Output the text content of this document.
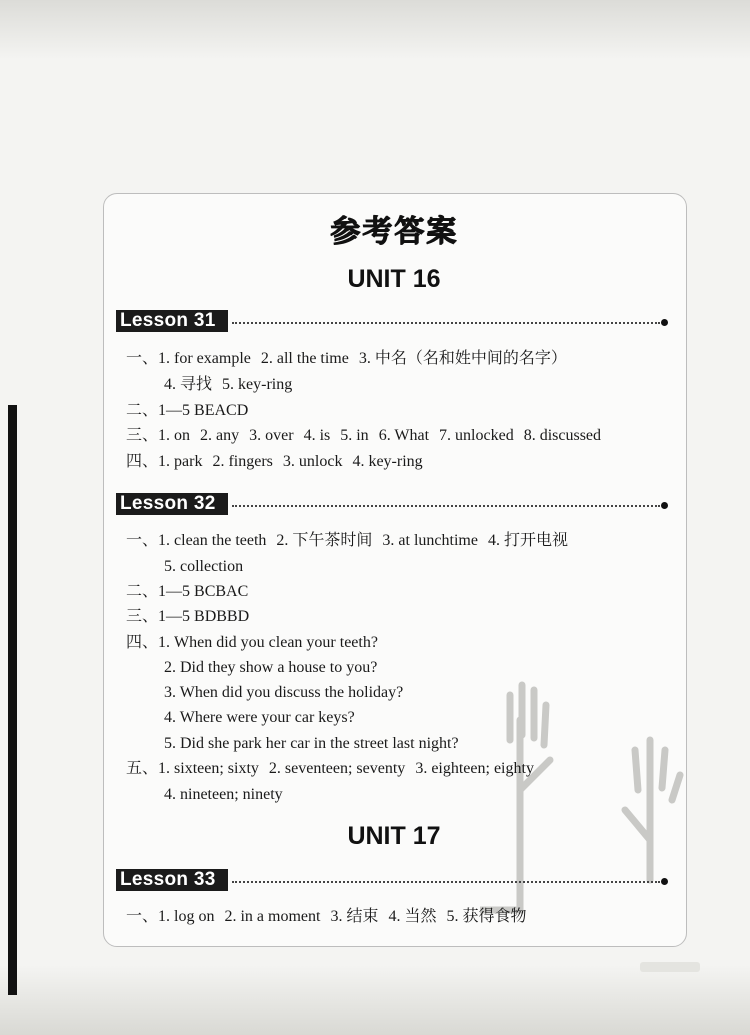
参考答案
UNIT 16
Lesson 31
一、1. for example 2. all the time 3. 中名（名和姓中间的名字）
4. 寻找 5. key-ring
二、1—5 BEACD
三、1. on 2. any 3. over 4. is 5. in 6. What 7. unlocked 8. discussed
四、1. park 2. fingers 3. unlock 4. key-ring
Lesson 32
一、1. clean the teeth 2. 下午茶时间 3. at lunchtime 4. 打开电视
5. collection
二、1—5 BCBAC
三、1—5 BDBBD
四、1. When did you clean your teeth?
2. Did they show a house to you?
3. When did you discuss the holiday?
4. Where were your car keys?
5. Did she park her car in the street last night?
五、1. sixteen; sixty 2. seventeen; seventy 3. eighteen; eighty
4. nineteen; ninety
UNIT 17
Lesson 33
一、1. log on 2. in a moment 3. 结束 4. 当然 5. 获得食物
